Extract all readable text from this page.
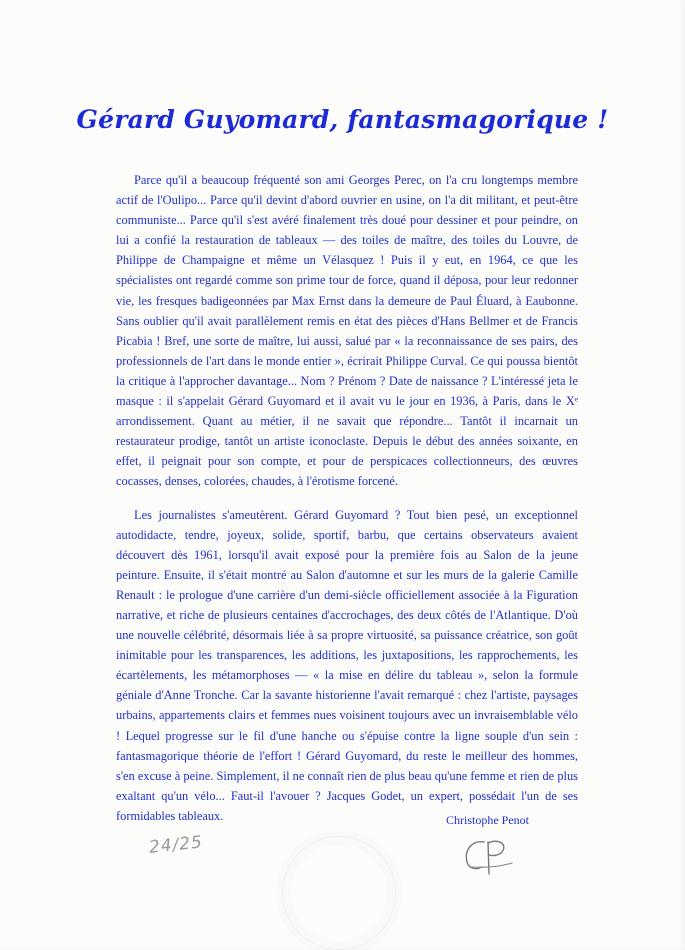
Gérard Guyomard, fantasmagorique !

Parce qu'il a beaucoup fréquenté son ami Georges Perec, on l'a cru longtemps membre actif de l'Oulipo... Parce qu'il devint d'abord ouvrier en usine, on l'a dit militant, et peut-être communiste... Parce qu'il s'est avéré finalement très doué pour dessiner et pour peindre, on lui a confié la restauration de tableaux — des toiles de maître, des toiles du Louvre, de Philippe de Champaigne et même un Vélasquez ! Puis il y eut, en 1964, ce que les spécialistes ont regardé comme son prime tour de force, quand il déposa, pour leur redonner vie, les fresques badigeonnées par Max Ernst dans la demeure de Paul Éluard, à Eaubonne. Sans oublier qu'il avait parallèlement remis en état des pièces d'Hans Bellmer et de Francis Picabia ! Bref, une sorte de maître, lui aussi, salué par « la reconnaissance de ses pairs, des professionnels de l'art dans le monde entier », écrirait Philippe Curval. Ce qui poussa bientôt la critique à l'approcher davantage... Nom ? Prénom ? Date de naissance ? L'intéressé jeta le masque : il s'appelait Gérard Guyomard et il avait vu le jour en 1936, à Paris, dans le Xᵉ arrondissement. Quant au métier, il ne savait que répondre... Tantôt il incarnait un restaurateur prodige, tantôt un artiste iconoclaste. Depuis le début des années soixante, en effet, il peignait pour son compte, et pour de perspicaces collectionneurs, des œuvres cocasses, denses, colorées, chaudes, à l'érotisme forcené.

Les journalistes s'ameutèrent. Gérard Guyomard ? Tout bien pesé, un exceptionnel autodidacte, tendre, joyeux, solide, sportif, barbu, que certains observateurs avaient découvert dès 1961, lorsqu'il avait exposé pour la première fois au Salon de la jeune peinture. Ensuite, il s'était montré au Salon d'automne et sur les murs de la galerie Camille Renault : le prologue d'une carrière d'un demi-siècle officiellement associée à la Figuration narrative, et riche de plusieurs centaines d'accrochages, des deux côtés de l'Atlantique. D'où une nouvelle célébrité, désormais liée à sa propre virtuosité, sa puissance créatrice, son goût inimitable pour les transparences, les additions, les juxtapositions, les rapprochements, les écartèlements, les métamorphoses — « la mise en délire du tableau », selon la formule géniale d'Anne Tronche. Car la savante historienne l'avait remarqué : chez l'artiste, paysages urbains, appartements clairs et femmes nues voisinent toujours avec un invraisemblable vélo ! Lequel progresse sur le fil d'une hanche ou s'épuise contre la ligne souple d'un sein : fantasmagorique théorie de l'effort ! Gérard Guyomard, du reste le meilleur des hommes, s'en excuse à peine. Simplement, il ne connaît rien de plus beau qu'une femme et rien de plus exaltant qu'un vélo... Faut-il l'avouer ? Jacques Godet, un expert, possédait l'un de ses formidables tableaux.	Christophe Penot
24/25
